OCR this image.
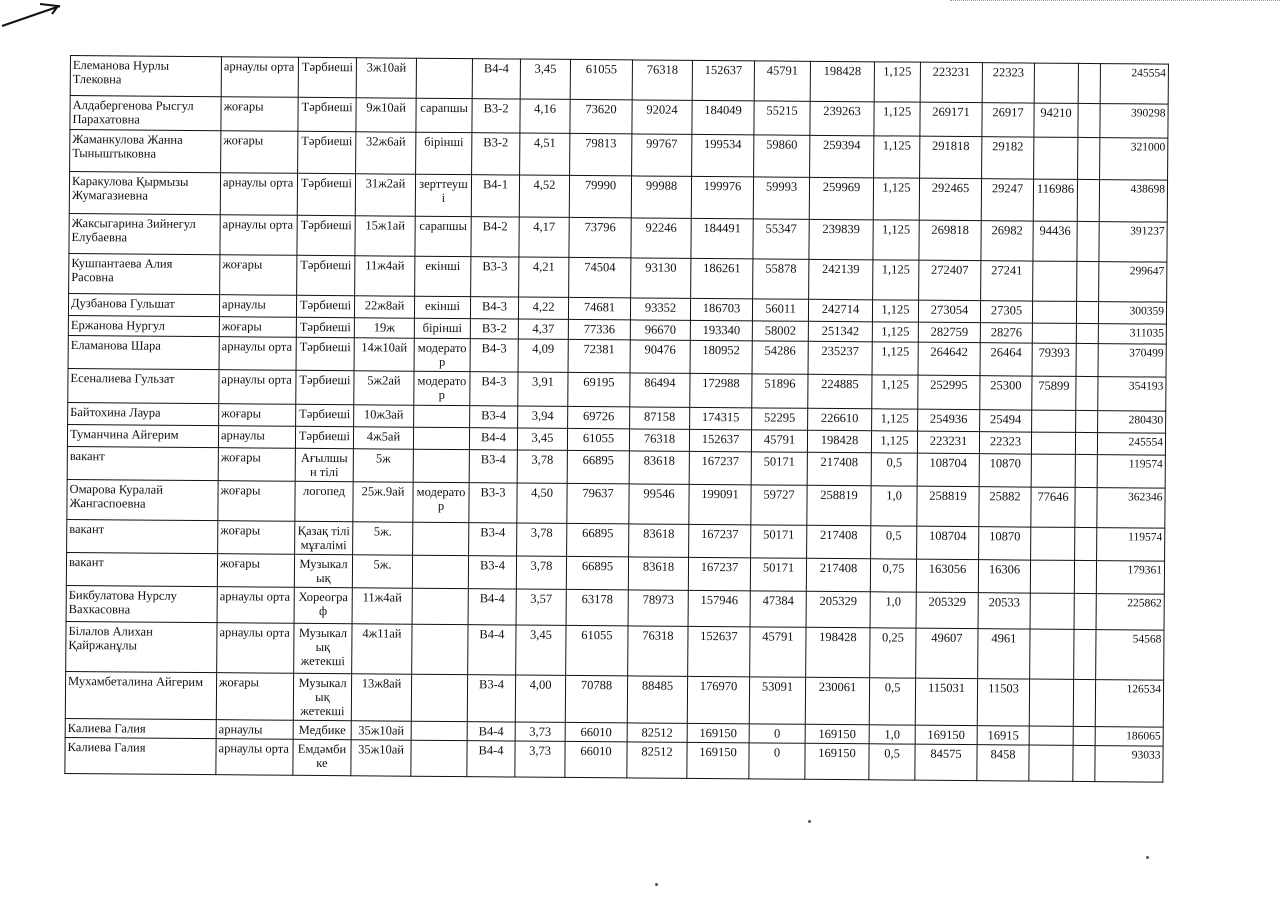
Елеманова Нурлы Тлековна	арнаулы орта	Тәрбиеші	3ж10ай		В4-4	3,45	61055	76318	152637	45791	198428	1,125	223231	22323			245554
Алдабергенова Рысгул Парахатовна	жоғары	Тәрбиеші	9ж10ай	сарапшы	В3-2	4,16	73620	92024	184049	55215	239263	1,125	269171	26917	94210		390298
Жаманкулова Жанна Тыныштыковна	жоғары	Тәрбиеші	32ж6ай	бірінші	В3-2	4,51	79813	99767	199534	59860	259394	1,125	291818	29182			321000
Каракулова Қырмызы Жумагазиевна	арнаулы орта	Тәрбиеші	31ж2ай	зерттеуші	В4-1	4,52	79990	99988	199976	59993	259969	1,125	292465	29247	116986		438698
Жаксыгарина Зийнегул Елубаевна	арнаулы орта	Тәрбиеші	15ж1ай	сарапшы	В4-2	4,17	73796	92246	184491	55347	239839	1,125	269818	26982	94436		391237
Кушпантаева Алия Расовна	жоғары	Тәрбиеші	11ж4ай	екінші	В3-3	4,21	74504	93130	186261	55878	242139	1,125	272407	27241			299647
Дузбанова Гульшат	арнаулы	Тәрбиеші	22ж8ай	екінші	В4-3	4,22	74681	93352	186703	56011	242714	1,125	273054	27305			300359
Ержанова Нургул	жоғары	Тәрбиеші	19ж	бірінші	В3-2	4,37	77336	96670	193340	58002	251342	1,125	282759	28276			311035
Еламанова Шара	арнаулы орта	Тәрбиеші	14ж10ай	модератор	В4-3	4,09	72381	90476	180952	54286	235237	1,125	264642	26464	79393		370499
Есеналиева Гульзат	арнаулы орта	Тәрбиеші	5ж2ай	модератор	В4-3	3,91	69195	86494	172988	51896	224885	1,125	252995	25300	75899		354193
Байтохина Лаура	жоғары	Тәрбиеші	10ж3ай		В3-4	3,94	69726	87158	174315	52295	226610	1,125	254936	25494			280430
Туманчина Айгерим	арнаулы	Тәрбиеші	4ж5ай		В4-4	3,45	61055	76318	152637	45791	198428	1,125	223231	22323			245554
вакант	жоғары	Ағылшын тілі	5ж		В3-4	3,78	66895	83618	167237	50171	217408	0,5	108704	10870			119574
Омарова Куралай Жангаспоевна	жоғары	логопед	25ж.9ай	модератор	В3-3	4,50	79637	99546	199091	59727	258819	1,0	258819	25882	77646		362346
вакант	жоғары	Қазақ тілі мұғалімі	5ж.		В3-4	3,78	66895	83618	167237	50171	217408	0,5	108704	10870			119574
вакант	жоғары	Музыкалық	5ж.		В3-4	3,78	66895	83618	167237	50171	217408	0,75	163056	16306			179361
Бикбулатова Нурслу Вахкасовна	арнаулы орта	Хореограф	11ж4ай		В4-4	3,57	63178	78973	157946	47384	205329	1,0	205329	20533			225862
Білалов Алихан Қайржанұлы	арнаулы орта	Музыкалық жетекші	4ж11ай		В4-4	3,45	61055	76318	152637	45791	198428	0,25	49607	4961			54568
Мухамбеталина Айгерим	жоғары	Музыкалық жетекші	13ж8ай		В3-4	4,00	70788	88485	176970	53091	230061	0,5	115031	11503			126534
Калиева Галия	арнаулы	Медбике	35ж10ай		В4-4	3,73	66010	82512	169150	0	169150	1,0	169150	16915			186065
Калиева Галия	арнаулы орта	Емдәмбике	35ж10ай		В4-4	3,73	66010	82512	169150	0	169150	0,5	84575	8458			93033
